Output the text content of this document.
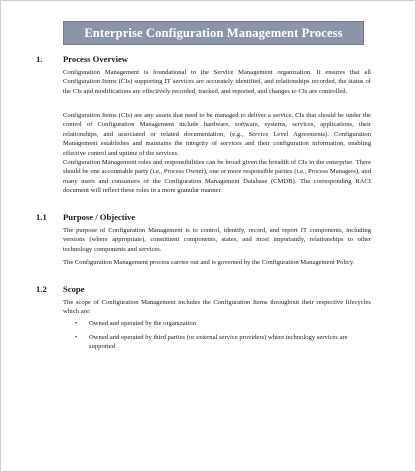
Enterprise Configuration Management Process
1. Process Overview

Configuration Management is foundational to the Service Management organization. It ensures that all Configuration Items (CIs) supporting IT services are accurately identified, and relationships recorded, the status of the CIs and modifications are effectively recorded, tracked, and reported, and changes to CIs are controlled.

Configuration Items (CIs) are any assets that need to be managed to deliver a service. CIs that should be under the control of Configuration Management include hardware, software, systems, services, applications, their relationships, and associated or related documentation, (e.g., Service Level Agreements). Configuration Management establishes and maintains the integrity of services and their configuration information, enabling effective control and uptime of the services.

Configuration Management roles and responsibilities can be broad given the breadth of CIs in the enterprise. There should be one accountable party (i.e., Process Owner), one or more responsible parties (i.e., Process Managers), and many users and consumers of the Configuration Management Database (CMDB). The corresponding RACI document will reflect these roles in a more granular manner.

1.1 Purpose / Objective

The purpose of Configuration Management is to control, identify, record, and report IT components, including versions (where appropriate), constituent components, states, and most importantly, relationships to other technology components and services.

The Configuration Management process carries out and is governed by the Configuration Management Policy.

1.2 Scope

The scope of Configuration Management includes the Configuration Items throughout their respective lifecycles which are:

• Owned and operated by the organization
• Owned and operated by third parties (or external service providers) where technology services are supported
